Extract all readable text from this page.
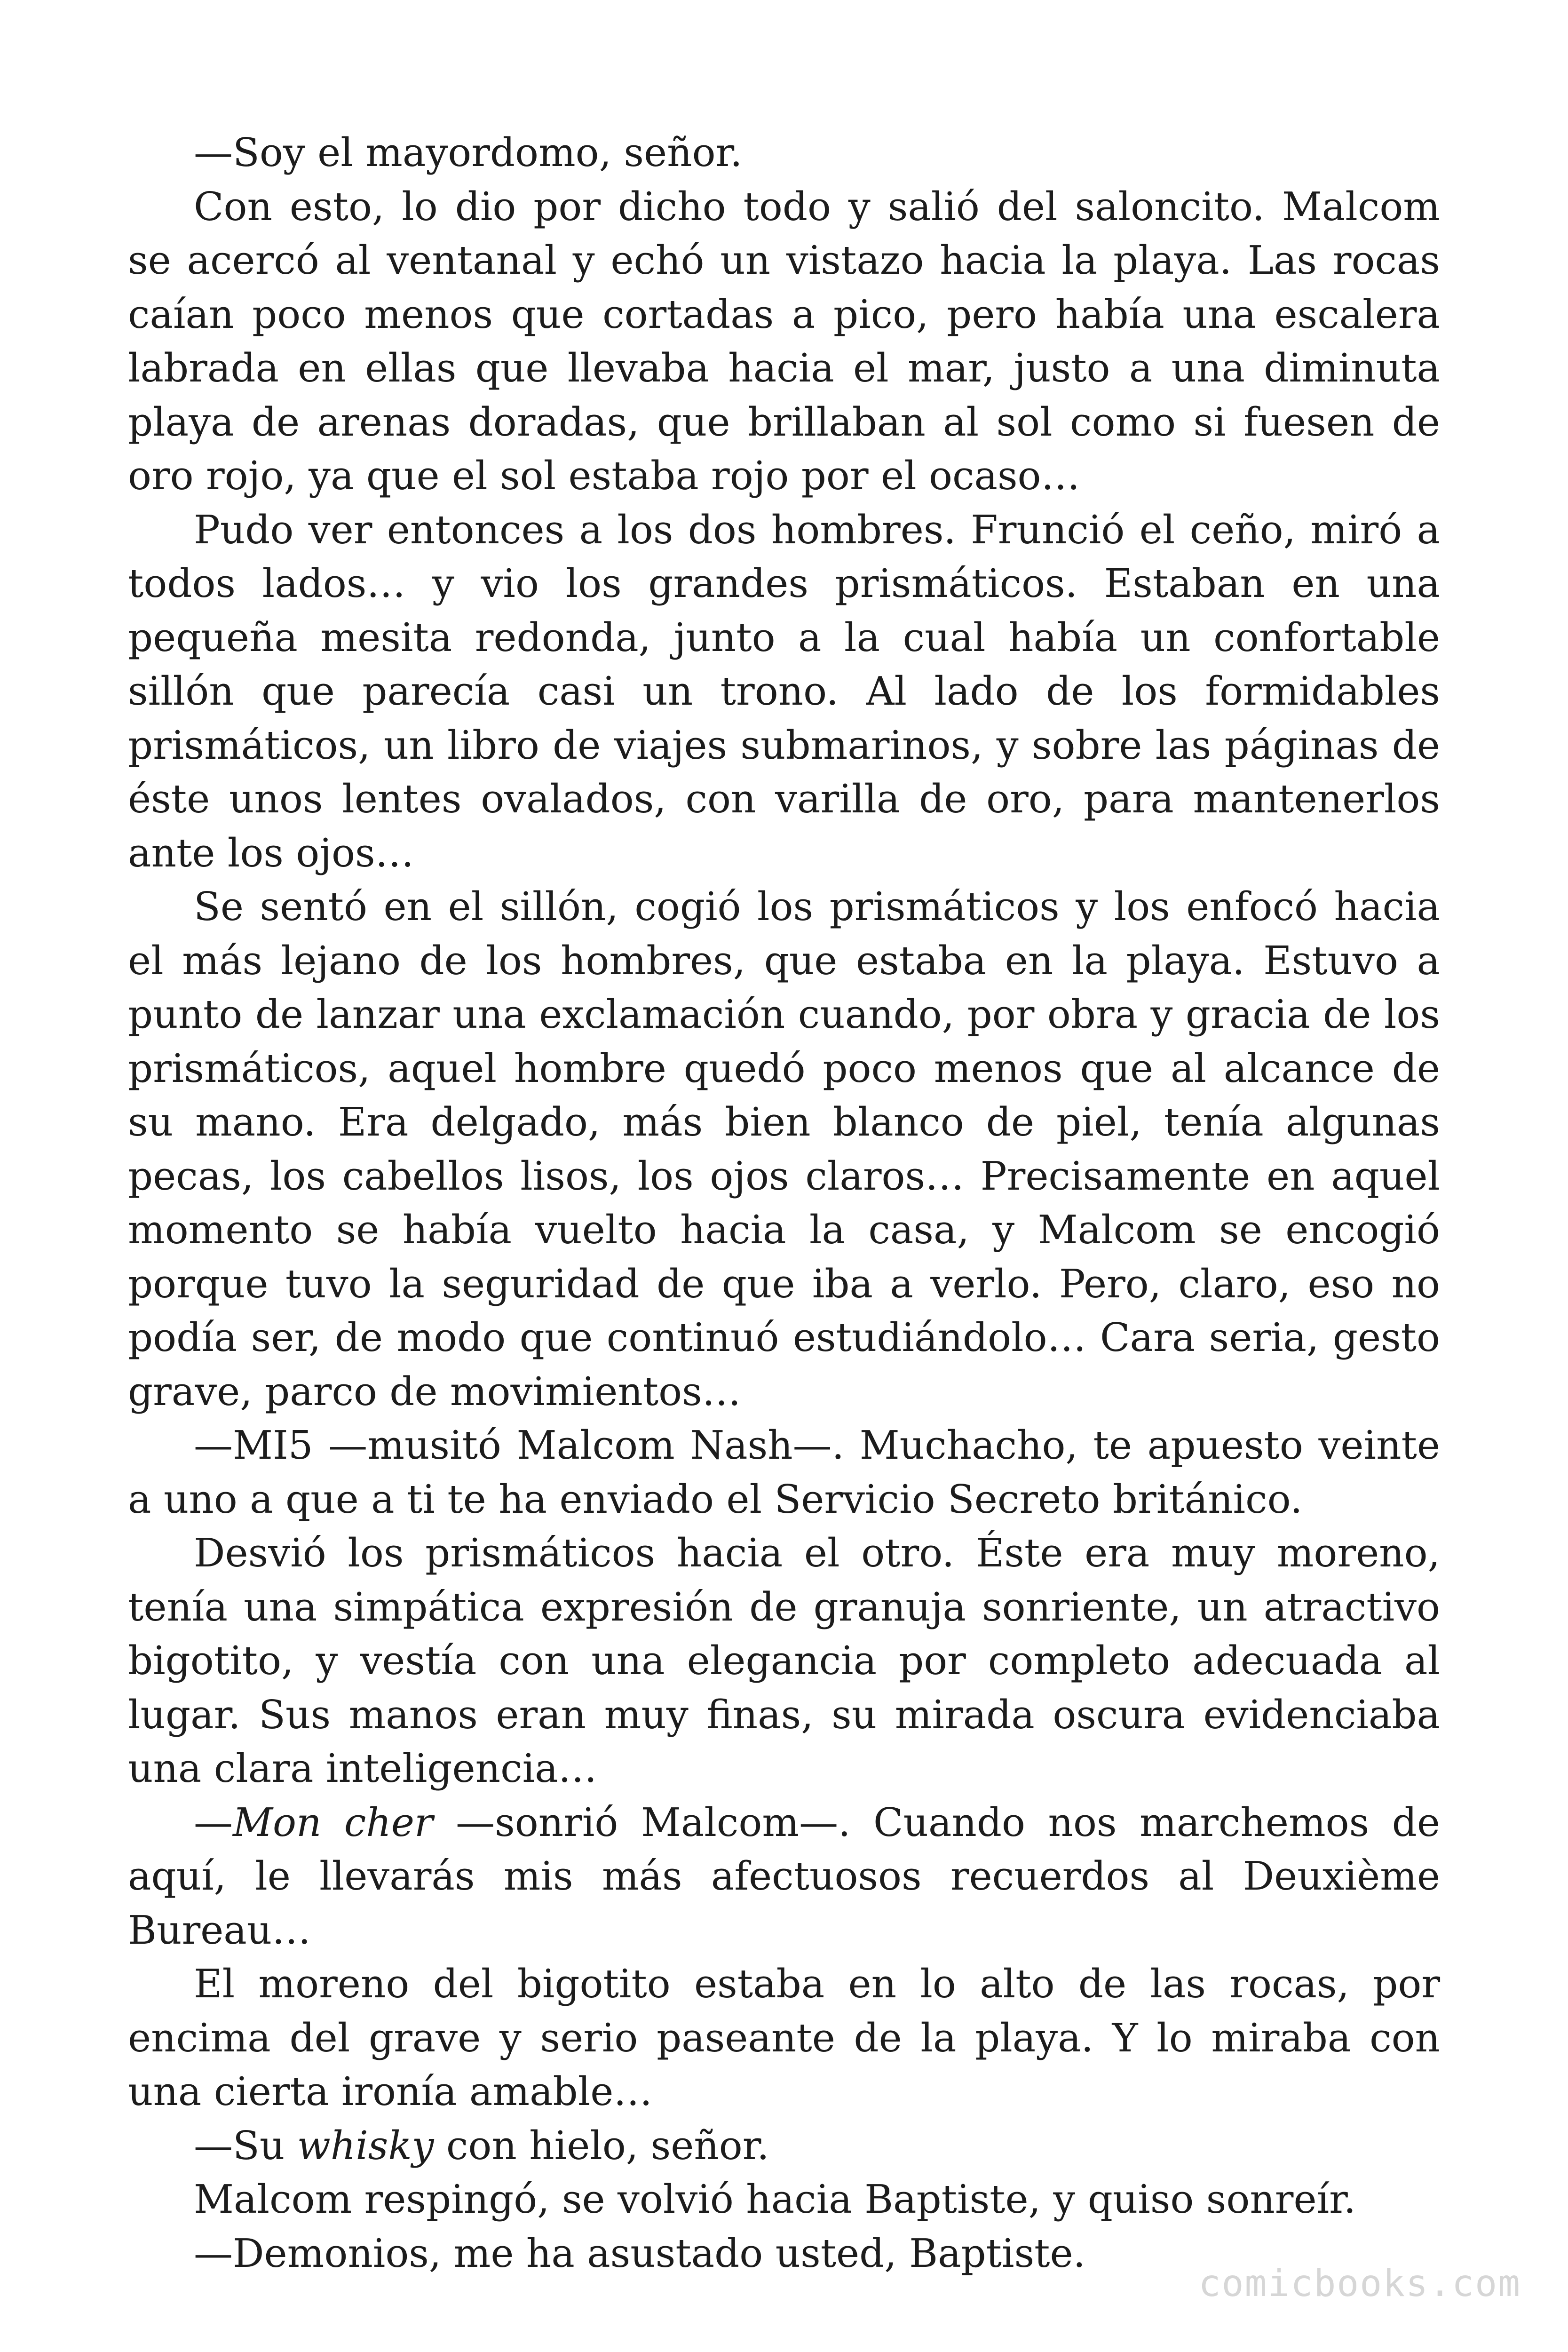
—Soy el mayordomo, señor.

Con esto, lo dio por dicho todo y salió del saloncito. Malcom se acercó al ventanal y echó un vistazo hacia la playa. Las rocas caían poco menos que cortadas a pico, pero había una escalera labrada en ellas que llevaba hacia el mar, justo a una diminuta playa de arenas doradas, que brillaban al sol como si fuesen de oro rojo, ya que el sol estaba rojo por el ocaso…

Pudo ver entonces a los dos hombres. Frunció el ceño, miró a todos lados… y vio los grandes prismáticos. Estaban en una pequeña mesita redonda, junto a la cual había un confortable sillón que parecía casi un trono. Al lado de los formidables prismáticos, un libro de viajes submarinos, y sobre las páginas de éste unos lentes ovalados, con varilla de oro, para mantenerlos ante los ojos…

Se sentó en el sillón, cogió los prismáticos y los enfocó hacia el más lejano de los hombres, que estaba en la playa. Estuvo a punto de lanzar una exclamación cuando, por obra y gracia de los prismáticos, aquel hombre quedó poco menos que al alcance de su mano. Era delgado, más bien blanco de piel, tenía algunas pecas, los cabellos lisos, los ojos claros… Precisamente en aquel momento se había vuelto hacia la casa, y Malcom se encogió porque tuvo la seguridad de que iba a verlo. Pero, claro, eso no podía ser, de modo que continuó estudiándolo… Cara seria, gesto grave, parco de movimientos…

—MI5 —musitó Malcom Nash—. Muchacho, te apuesto veinte a uno a que a ti te ha enviado el Servicio Secreto británico.

Desvió los prismáticos hacia el otro. Éste era muy moreno, tenía una simpática expresión de granuja sonriente, un atractivo bigotito, y vestía con una elegancia por completo adecuada al lugar. Sus manos eran muy finas, su mirada oscura evidenciaba una clara inteligencia…

—Mon cher —sonrió Malcom—. Cuando nos marchemos de aquí, le llevarás mis más afectuosos recuerdos al Deuxième Bureau…

El moreno del bigotito estaba en lo alto de las rocas, por encima del grave y serio paseante de la playa. Y lo miraba con una cierta ironía amable…

—Su whisky con hielo, señor.

Malcom respingó, se volvió hacia Baptiste, y quiso sonreír.

—Demonios, me ha asustado usted, Baptiste.

comicbooks.com
